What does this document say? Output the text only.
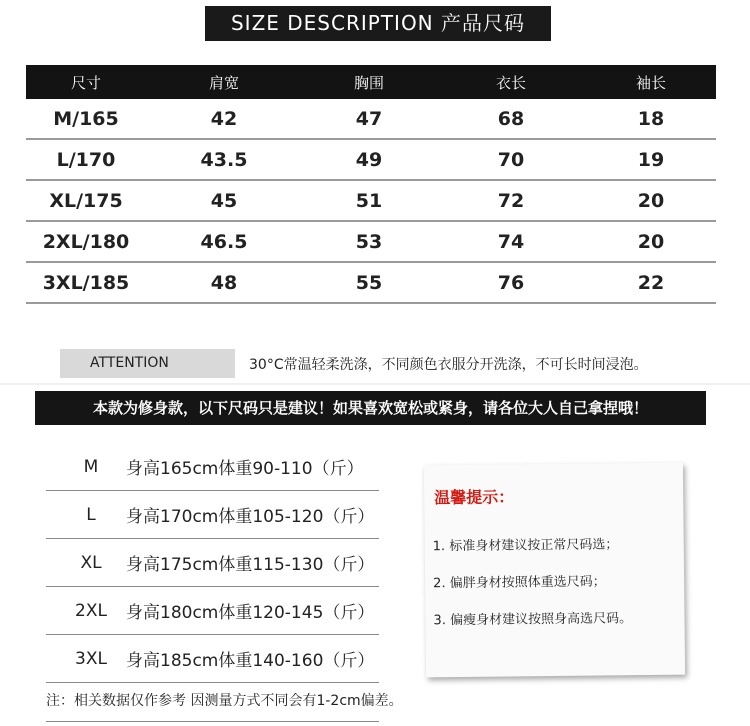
SIZE DESCRIPTION 产品尺码
尺寸	肩宽	胸围	衣长	袖长
M/165	42	47	68	18
L/170	43.5	49	70	19
XL/175	45	51	72	20
2XL/180	46.5	53	74	20
3XL/185	48	55	76	22
ATTENTION	30°C常温轻柔洗涤，不同颜色衣服分开洗涤，不可长时间浸泡。
本款为修身款，以下尺码只是建议！如果喜欢宽松或紧身，请各位大人自己拿捏哦！
M	身高165cm体重90-110（斤）
L	身高170cm体重105-120（斤）
XL	身高175cm体重115-130（斤）
2XL	身高180cm体重120-145（斤）
3XL	身高185cm体重140-160（斤）
注：相关数据仅作参考 因测量方式不同会有1-2cm偏差。
温馨提示：
1. 标准身材建议按正常尺码选；
2. 偏胖身材按照体重选尺码；
3. 偏瘦身材建议按照身高选尺码。
